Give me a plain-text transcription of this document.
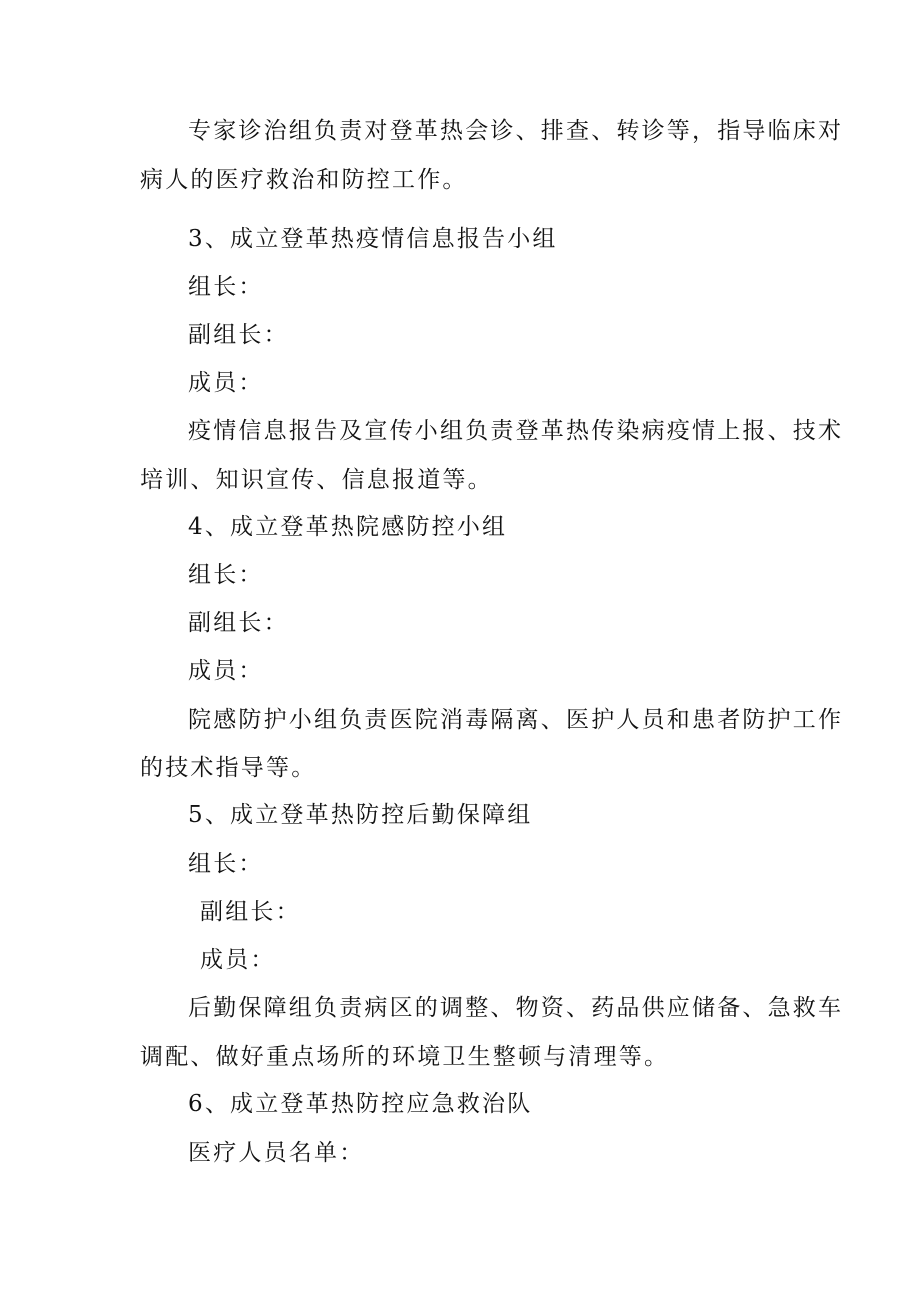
专家诊治组负责对登革热会诊、排查、转诊等，指导临床对
病人的医疗救治和防控工作。
3、成立登革热疫情信息报告小组
组长：
副组长：
成员：
疫情信息报告及宣传小组负责登革热传染病疫情上报、技术
培训、知识宣传、信息报道等。
4、成立登革热院感防控小组
组长：
副组长：
成员：
院感防护小组负责医院消毒隔离、医护人员和患者防护工作
的技术指导等。
5、成立登革热防控后勤保障组
组长：
副组长：
成员：
后勤保障组负责病区的调整、物资、药品供应储备、急救车
调配、做好重点场所的环境卫生整顿与清理等。
6、成立登革热防控应急救治队
医疗人员名单：
